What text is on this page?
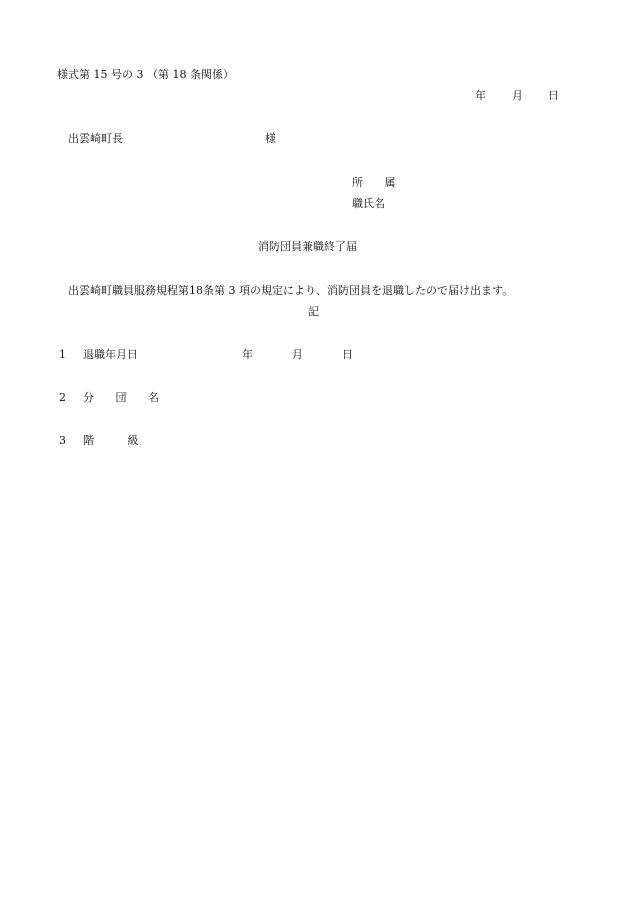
様式第 15 号の 3 （第 18 条関係）
年 月 日
出雲崎町長	様
所 属
職氏名
消防団員兼職終了届
出雲崎町職員服務規程第18条第 3 項の規定により、消防団員を退職したので届け出ます。
記
1 退職年月日	年	月	日
2 分 団 名
3 階 級
